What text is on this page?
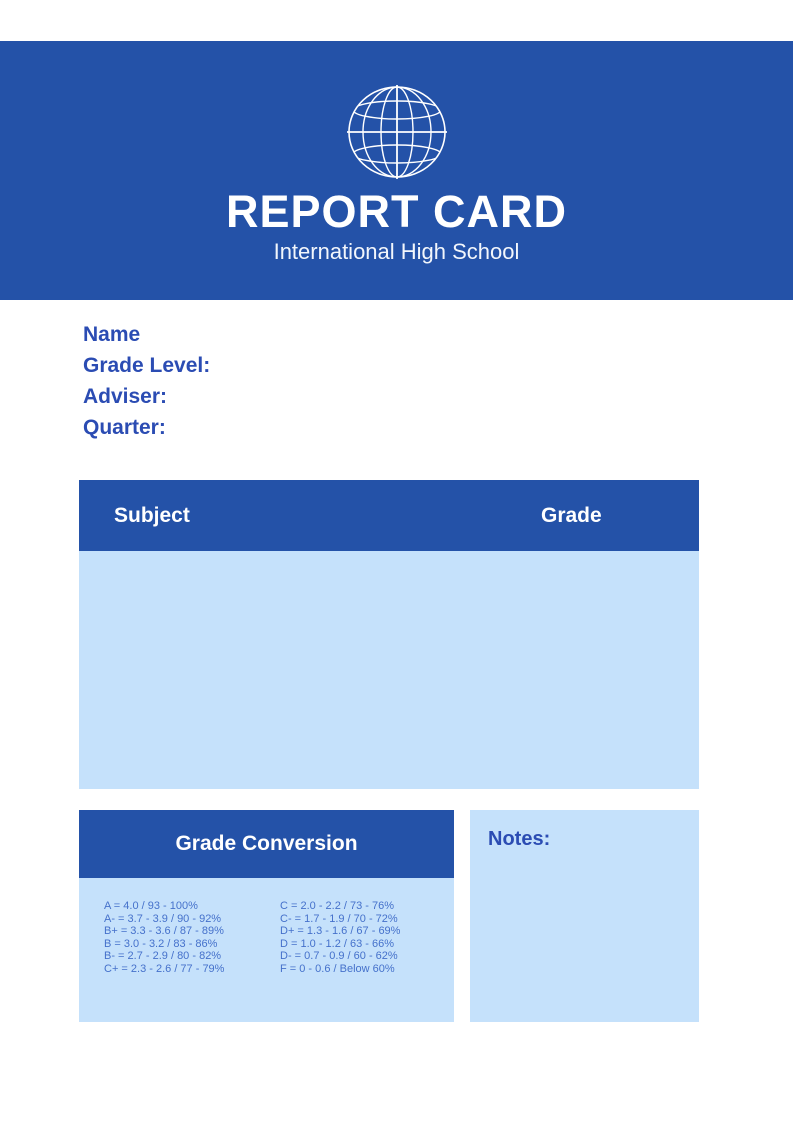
REPORT CARD
International High School
Name
Grade Level:
Adviser:
Quarter:
Subject	Grade
Grade Conversion
A = 4.0 / 93 - 100%
A- = 3.7 - 3.9 / 90 - 92%
B+ = 3.3 - 3.6 / 87 - 89%
B = 3.0 - 3.2 / 83 - 86%
B- = 2.7 - 2.9 / 80 - 82%
C+ = 2.3 - 2.6 / 77 - 79%
C = 2.0 - 2.2 / 73 - 76%
C- = 1.7 - 1.9 / 70 - 72%
D+ = 1.3 - 1.6 / 67 - 69%
D = 1.0 - 1.2 / 63 - 66%
D- = 0.7 - 0.9 / 60 - 62%
F = 0 - 0.6 / Below 60%
Notes:
